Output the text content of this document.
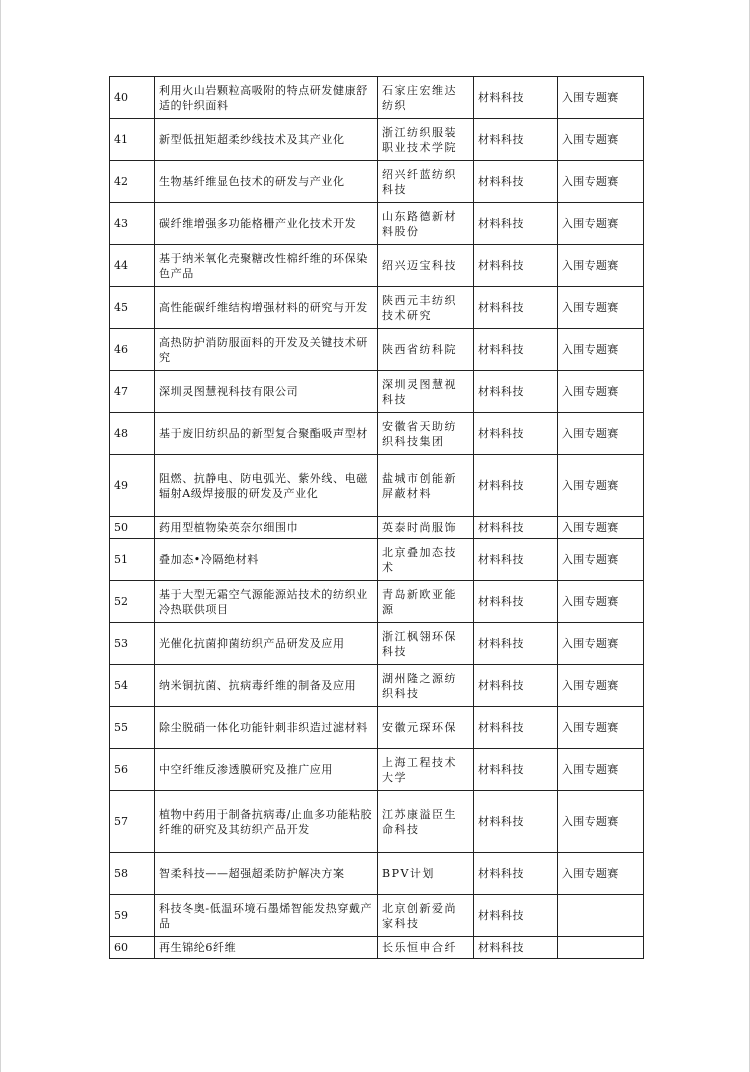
40	利用火山岩颗粒高吸附的特点研发健康舒适的针织面料	石家庄宏维达纺织	材料科技	入围专题赛
41	新型低扭矩超柔纱线技术及其产业化	浙江纺织服装职业技术学院	材料科技	入围专题赛
42	生物基纤维显色技术的研发与产业化	绍兴纤蓝纺织科技	材料科技	入围专题赛
43	碳纤维增强多功能格栅产业化技术开发	山东路德新材料股份	材料科技	入围专题赛
44	基于纳米氧化壳聚糖改性棉纤维的环保染色产品	绍兴迈宝科技	材料科技	入围专题赛
45	高性能碳纤维结构增强材料的研究与开发	陕西元丰纺织技术研究	材料科技	入围专题赛
46	高热防护消防服面料的开发及关键技术研究	陕西省纺科院	材料科技	入围专题赛
47	深圳灵图慧视科技有限公司	深圳灵图慧视科技	材料科技	入围专题赛
48	基于废旧纺织品的新型复合聚酯吸声型材	安徽省天助纺织科技集团	材料科技	入围专题赛
49	阻燃、抗静电、防电弧光、紫外线、电磁辐射A级焊接服的研发及产业化	盐城市创能新屏蔽材料	材料科技	入围专题赛
50	药用型植物染英奈尔细围巾	英泰时尚服饰	材料科技	入围专题赛
51	叠加态•冷隔绝材料	北京叠加态技术	材料科技	入围专题赛
52	基于大型无霜空气源能源站技术的纺织业冷热联供项目	青岛新欧亚能源	材料科技	入围专题赛
53	光催化抗菌抑菌纺织产品研发及应用	浙江枫翎环保科技	材料科技	入围专题赛
54	纳米铜抗菌、抗病毒纤维的制备及应用	湖州隆之源纺织科技	材料科技	入围专题赛
55	除尘脱硝一体化功能针刺非织造过滤材料	安徽元琛环保	材料科技	入围专题赛
56	中空纤维反渗透膜研究及推广应用	上海工程技术大学	材料科技	入围专题赛
57	植物中药用于制备抗病毒/止血多功能粘胶纤维的研究及其纺织产品开发	江苏康溢臣生命科技	材料科技	入围专题赛
58	智柔科技——超强超柔防护解决方案	BPV计划	材料科技	入围专题赛
59	科技冬奥-低温环境石墨烯智能发热穿戴产品	北京创新爱尚家科技	材料科技	
60	再生锦纶6纤维	长乐恒申合纤	材料科技	
